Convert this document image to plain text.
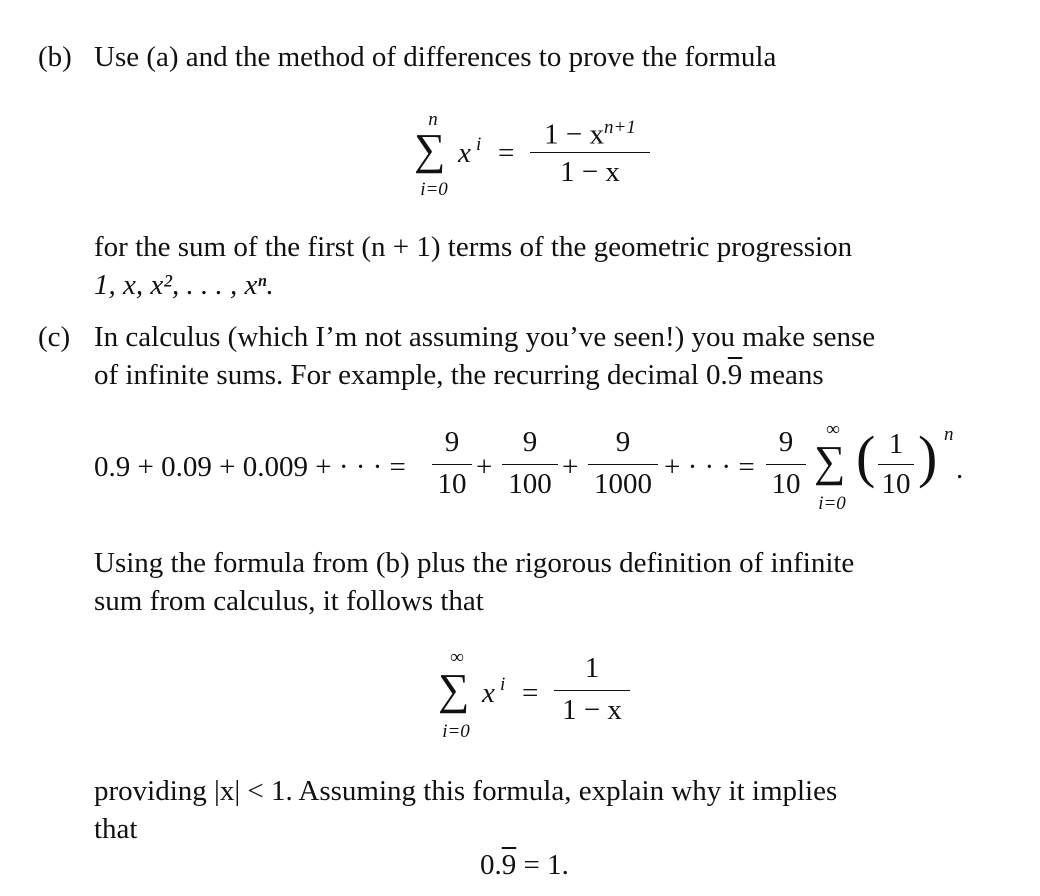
(b) Use (a) and the method of differences to prove the formula
n
∑
i=0
x i =
$1 - x^{n+1}$
1 − x
for the sum of the first (n + 1) terms of the geometric progression
1, x, x², . . . , xⁿ.
(c) In calculus (which I’m not assuming you’ve seen!) you make sense
of infinite sums. For example, the recurring decimal 0.9 means
0.9 + 0.09 + 0.009 + · · · =
9
10
+
9
100
+
9
1000
+ · · · =
9
10
∞
∑
i=0
( 1
10 ) n
.
Using the formula from (b) plus the rigorous definition of infinite
sum from calculus, it follows that
∞
∑
i=0
x i =
1
1 − x
providing |x| < 1. Assuming this formula, explain why it implies
that
0.9 = 1.
